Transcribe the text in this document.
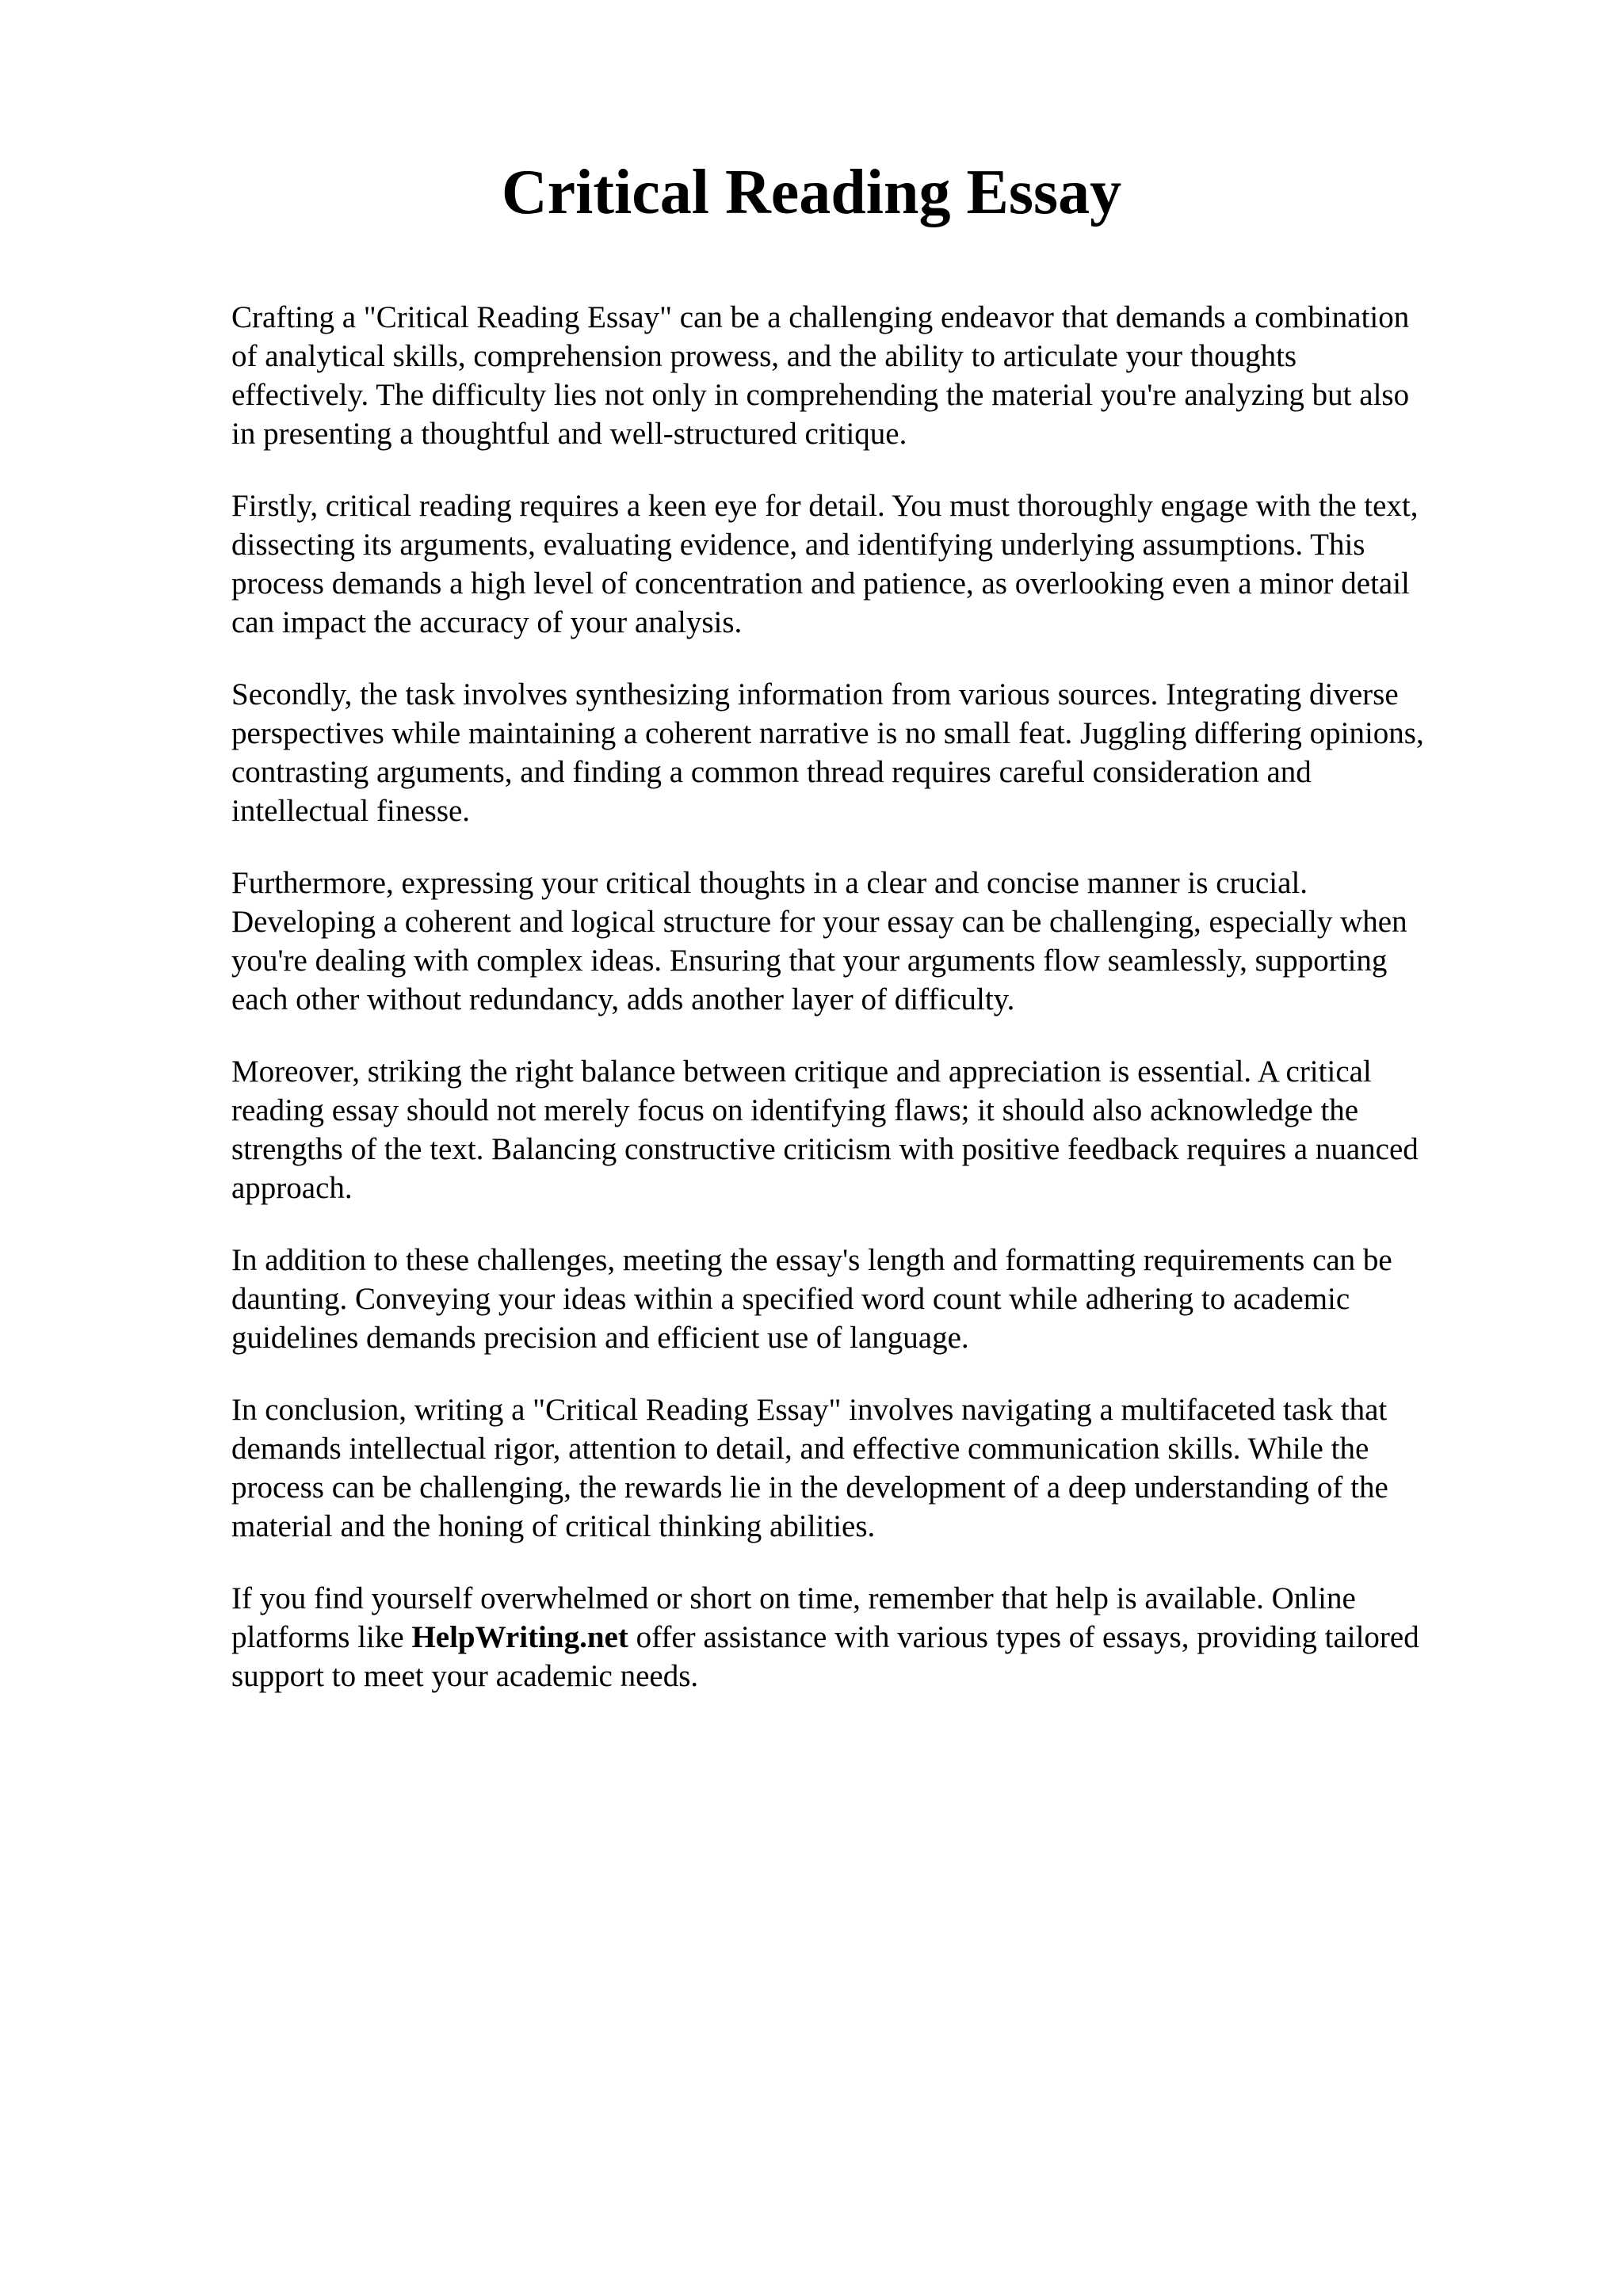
Critical Reading Essay

Crafting a "Critical Reading Essay" can be a challenging endeavor that demands a combination
of analytical skills, comprehension prowess, and the ability to articulate your thoughts
effectively. The difficulty lies not only in comprehending the material you're analyzing but also
in presenting a thoughtful and well-structured critique.

Firstly, critical reading requires a keen eye for detail. You must thoroughly engage with the text,
dissecting its arguments, evaluating evidence, and identifying underlying assumptions. This
process demands a high level of concentration and patience, as overlooking even a minor detail
can impact the accuracy of your analysis.

Secondly, the task involves synthesizing information from various sources. Integrating diverse
perspectives while maintaining a coherent narrative is no small feat. Juggling differing opinions,
contrasting arguments, and finding a common thread requires careful consideration and
intellectual finesse.

Furthermore, expressing your critical thoughts in a clear and concise manner is crucial.
Developing a coherent and logical structure for your essay can be challenging, especially when
you're dealing with complex ideas. Ensuring that your arguments flow seamlessly, supporting
each other without redundancy, adds another layer of difficulty.

Moreover, striking the right balance between critique and appreciation is essential. A critical
reading essay should not merely focus on identifying flaws; it should also acknowledge the
strengths of the text. Balancing constructive criticism with positive feedback requires a nuanced
approach.

In addition to these challenges, meeting the essay's length and formatting requirements can be
daunting. Conveying your ideas within a specified word count while adhering to academic
guidelines demands precision and efficient use of language.

In conclusion, writing a "Critical Reading Essay" involves navigating a multifaceted task that
demands intellectual rigor, attention to detail, and effective communication skills. While the
process can be challenging, the rewards lie in the development of a deep understanding of the
material and the honing of critical thinking abilities.

If you find yourself overwhelmed or short on time, remember that help is available. Online
platforms like HelpWriting.net offer assistance with various types of essays, providing tailored
support to meet your academic needs.
